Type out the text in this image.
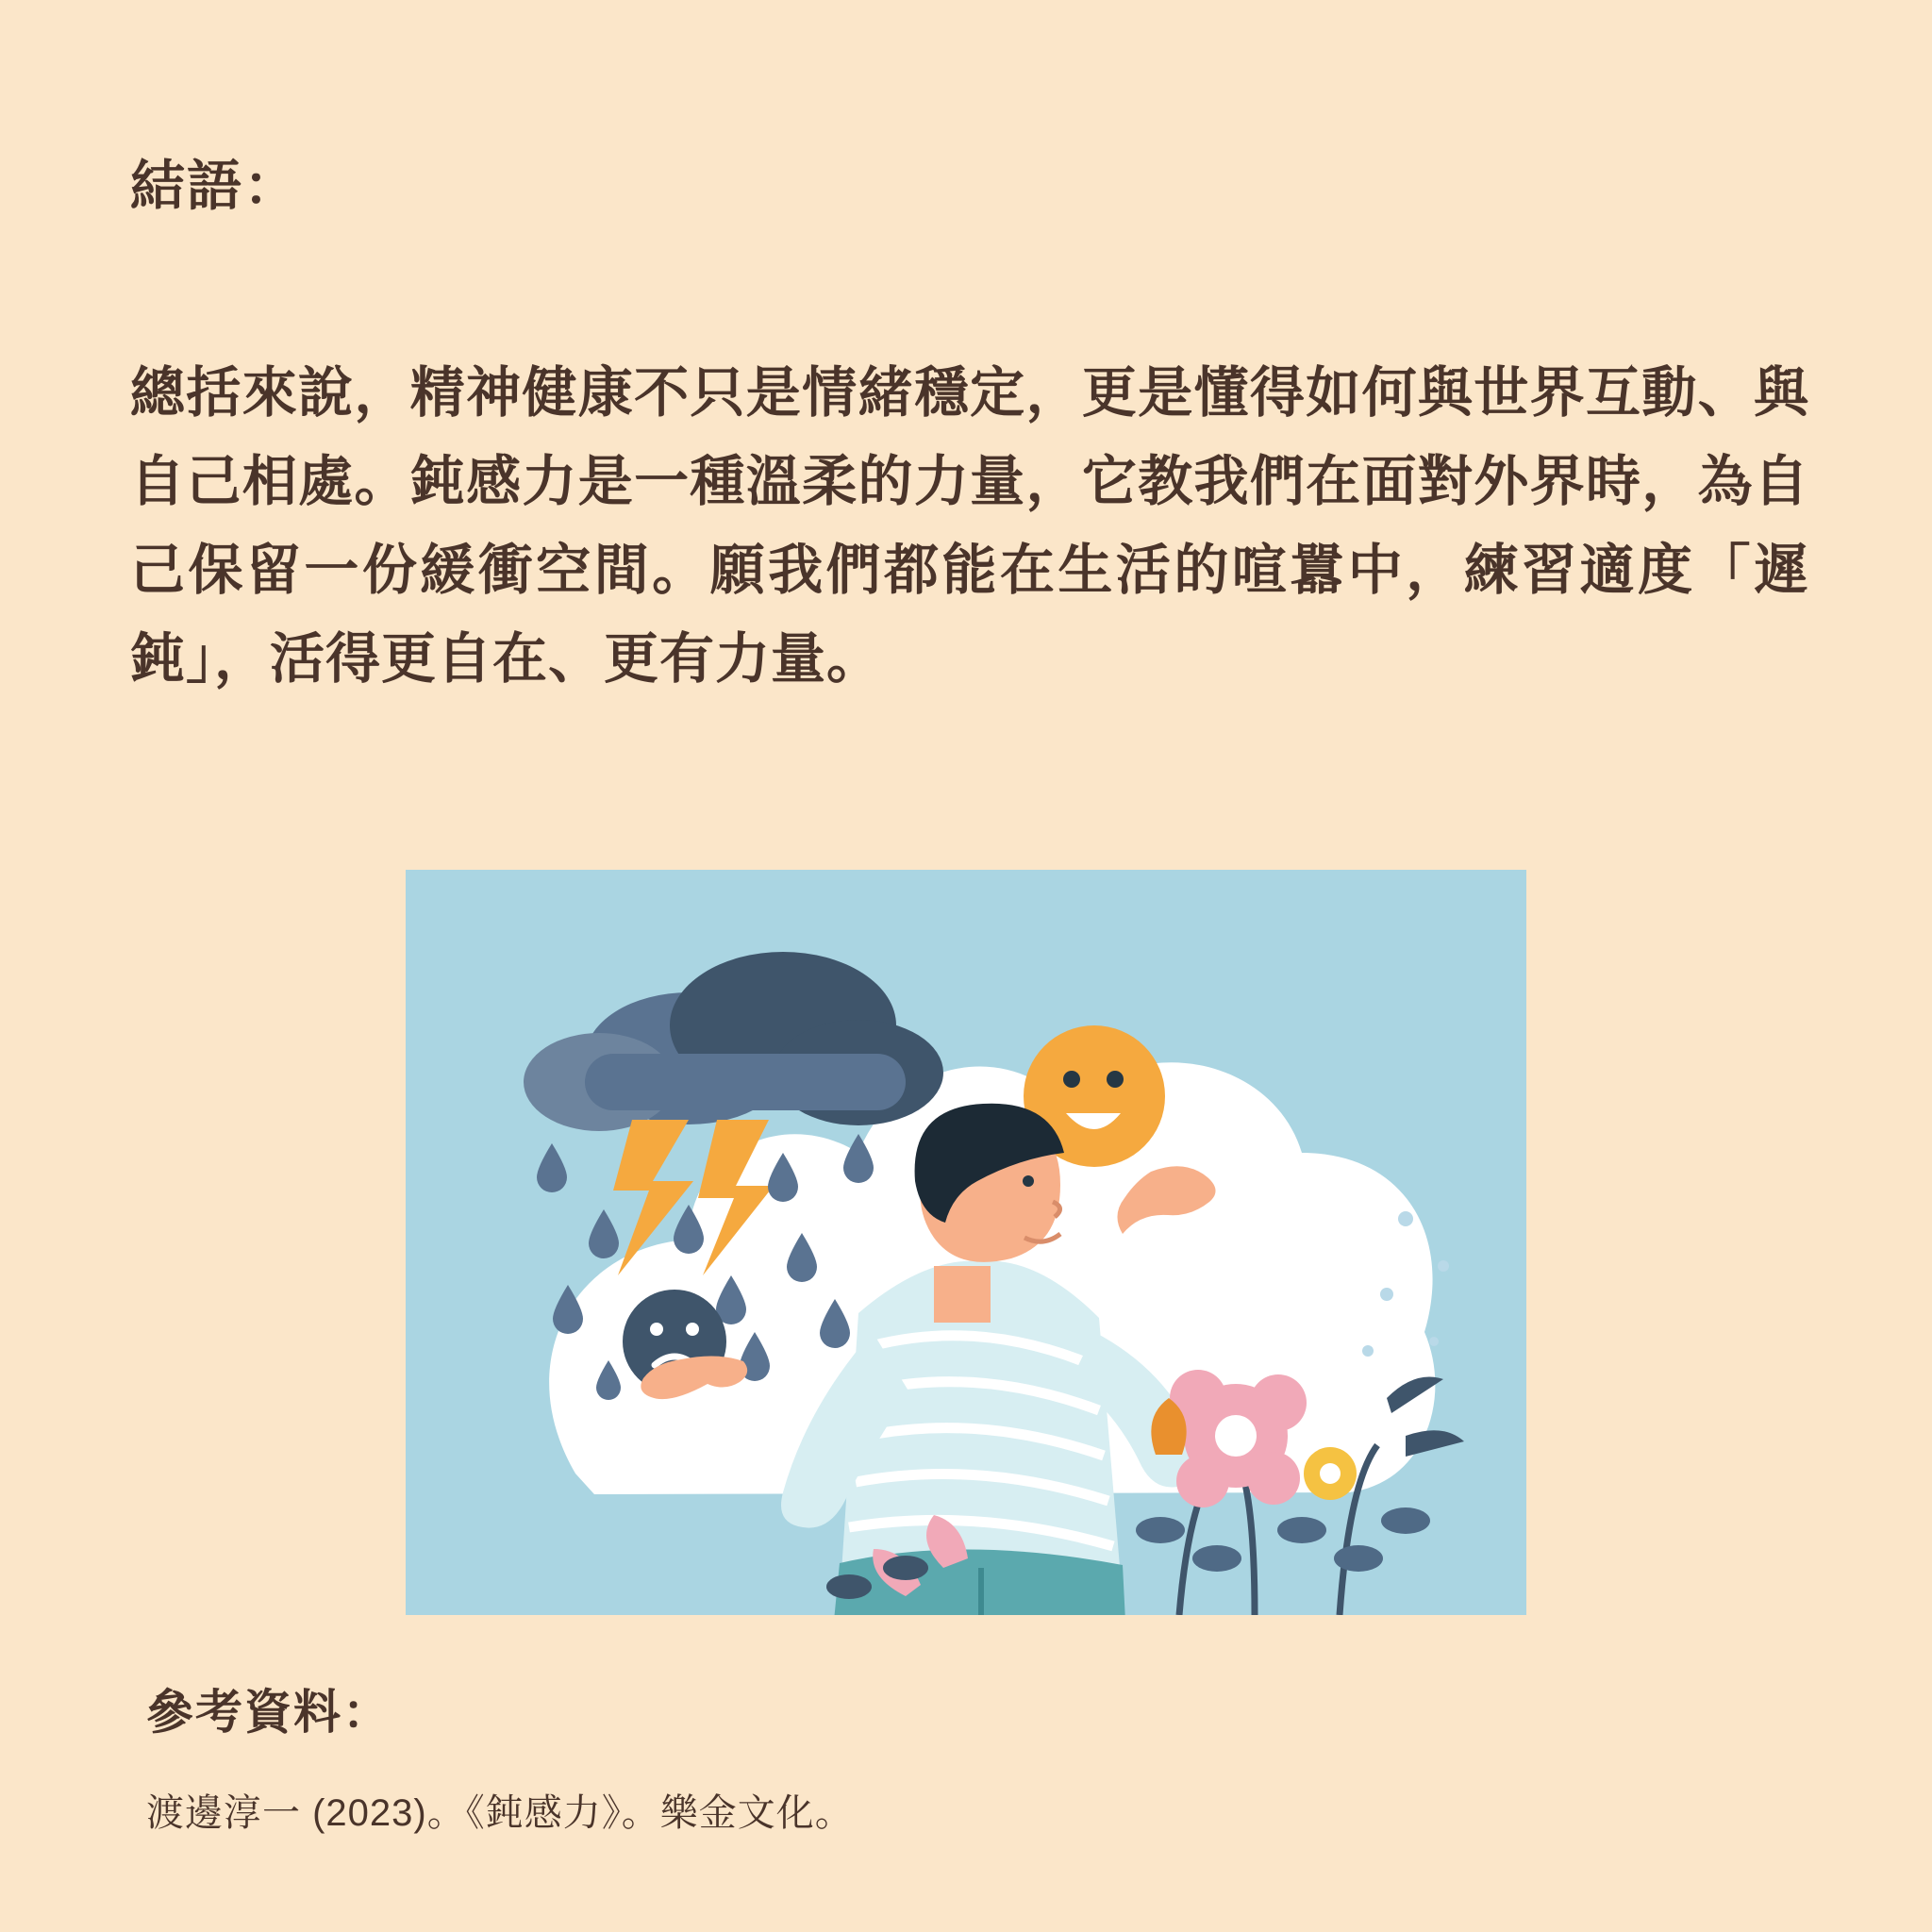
結語：
總括來說，精神健康不只是情緒穩定，更是懂得如何與世界互動、與自己相處。鈍感力是一種溫柔的力量，它教我們在面對外界時，為自己保留一份緩衝空間。願我們都能在生活的喧囂中，練習適度「遲鈍」，活得更自在、更有力量。
參考資料：
渡邊淳一 (2023)。《鈍感力》。樂金文化。
